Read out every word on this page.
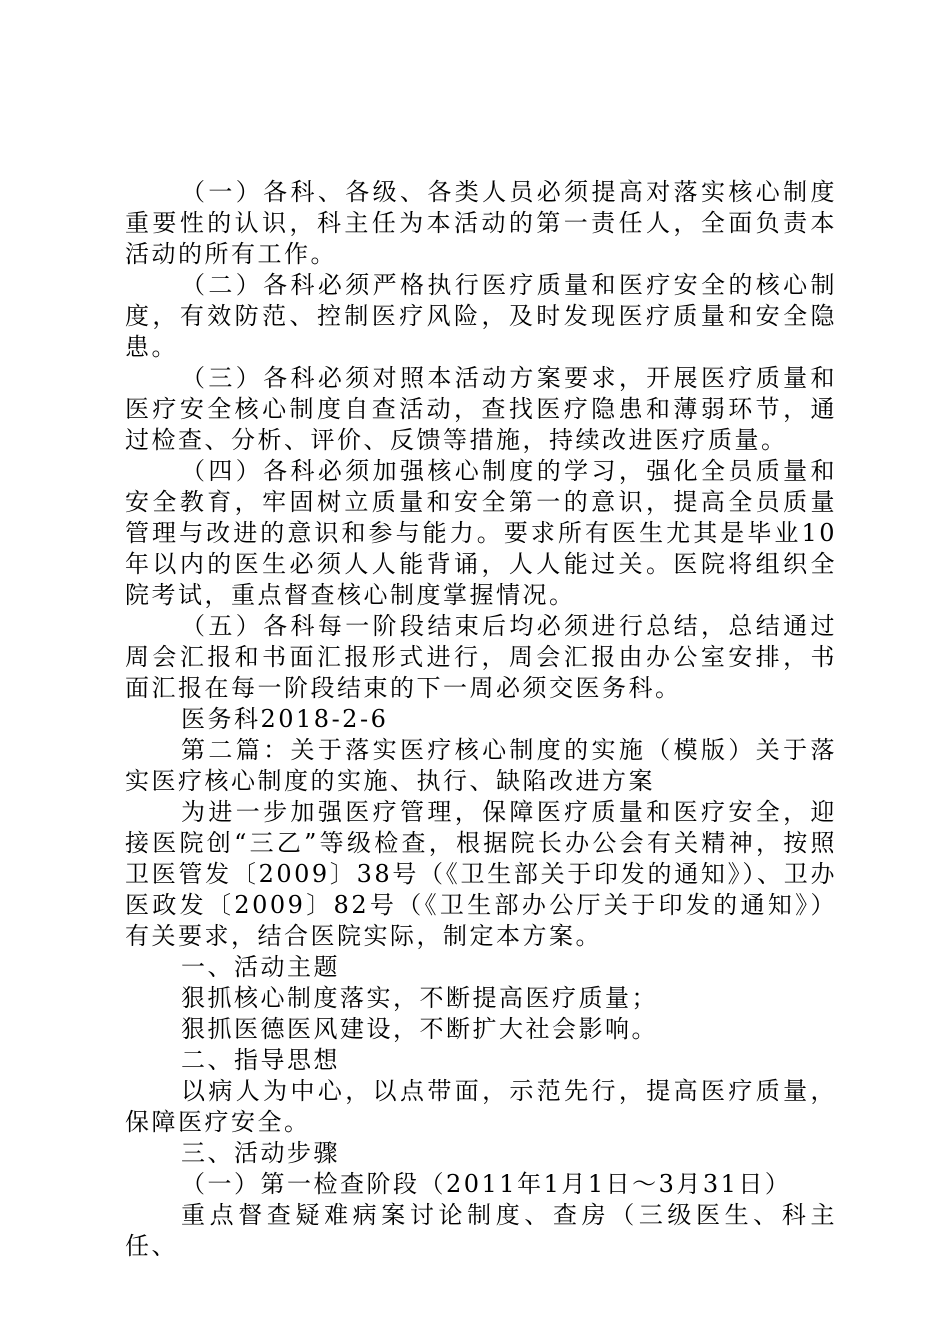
（一）各科、各级、各类人员必须提高对落实核心制度重要性的认识，科主任为本活动的第一责任人，全面负责本活动的所有工作。

（二）各科必须严格执行医疗质量和医疗安全的核心制度，有效防范、控制医疗风险，及时发现医疗质量和安全隐患。

（三）各科必须对照本活动方案要求，开展医疗质量和医疗安全核心制度自查活动，查找医疗隐患和薄弱环节，通过检查、分析、评价、反馈等措施，持续改进医疗质量。

（四）各科必须加强核心制度的学习，强化全员质量和安全教育，牢固树立质量和安全第一的意识，提高全员质量管理与改进的意识和参与能力。要求所有医生尤其是毕业10年以内的医生必须人人能背诵，人人能过关。医院将组织全院考试，重点督查核心制度掌握情况。

（五）各科每一阶段结束后均必须进行总结，总结通过周会汇报和书面汇报形式进行，周会汇报由办公室安排，书面汇报在每一阶段结束的下一周必须交医务科。

医务科2018-2-6

第二篇：关于落实医疗核心制度的实施（模版）关于落实医疗核心制度的实施、执行、缺陷改进方案

为进一步加强医疗管理，保障医疗质量和医疗安全，迎接医院创“三乙”等级检查，根据院长办公会有关精神，按照卫医管发〔2009〕38号（《卫生部关于印发的通知》）、卫办医政发〔2009〕82号（《卫生部办公厅关于印发的通知》）有关要求，结合医院实际，制定本方案。

一、活动主题

狠抓核心制度落实，不断提高医疗质量；

狠抓医德医风建设，不断扩大社会影响。

二、指导思想

以病人为中心，以点带面，示范先行，提高医疗质量，保障医疗安全。

三、活动步骤

（一）第一检查阶段（2011年1月1日～3月31日）

重点督查疑难病案讨论制度、查房（三级医生、科主任、
